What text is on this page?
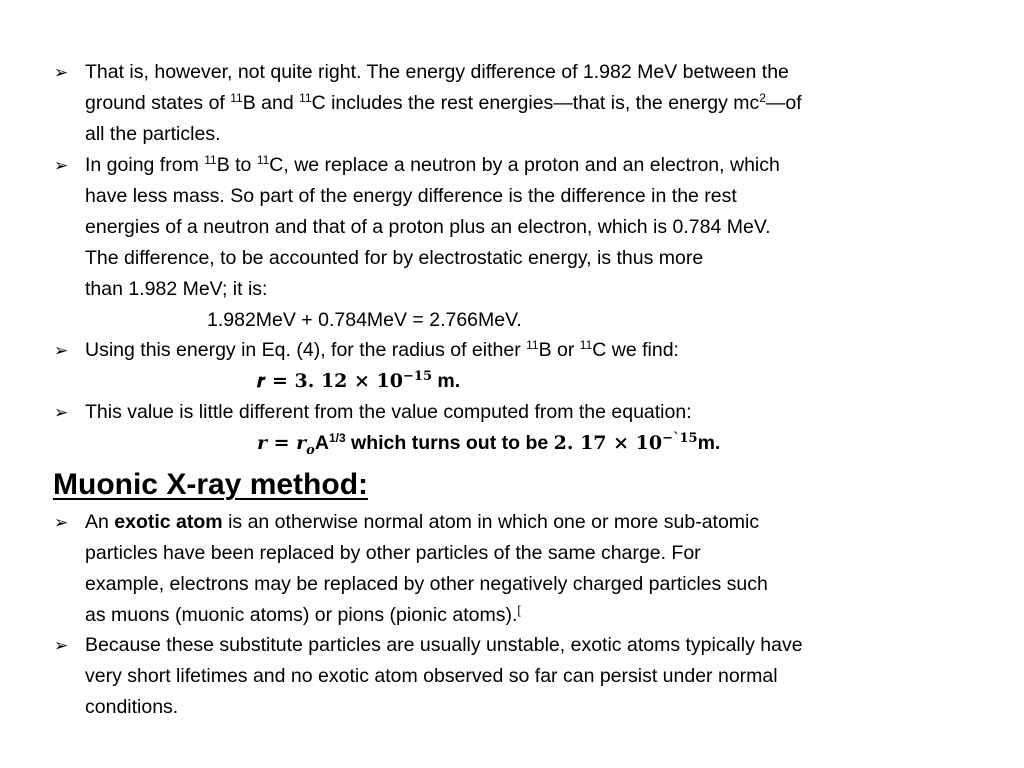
➢ That is, however, not quite right. The energy difference of 1.982 MeV between the
ground states of $^{11}$B and $^{11}$C includes the rest energies—that is, the energy $mc^2—of$
all the particles.
➢ In going from $^{11}$B to $^{11}$C, we replace a neutron by a proton and an electron, which
have less mass. So part of the energy difference is the difference in the rest
energies of a neutron and that of a proton plus an electron, which is 0.784 MeV.
The difference, to be accounted for by electrostatic energy, is thus more
than 1.982 MeV; it is:
1.982MeV + 0.784MeV = 2.766MeV.
➢ Using this energy in Eq. (4), for the radius of either $^{11}$B or $^{11}$C we find:
𝒓 = 𝟑. 𝟏𝟐 × $𝟏𝟎^{-𝟏𝟓}$ m.
➢ This value is little different from the value computed from the equation:
𝒓 = $𝒓_𝒐A^{1/3}$ which turns out to be 𝟐. 𝟏𝟕 × $𝟏𝟎^{-`𝟏𝟓}m$.
Muonic X-ray method:
➢ An exotic atom is an otherwise normal atom in which one or more sub-atomic
particles have been replaced by other particles of the same charge. For
example, electrons may be replaced by other negatively charged particles such
as muons (muonic atoms) or pions (pionic atoms).[
➢ Because these substitute particles are usually unstable, exotic atoms typically have
very short lifetimes and no exotic atom observed so far can persist under normal
conditions.
